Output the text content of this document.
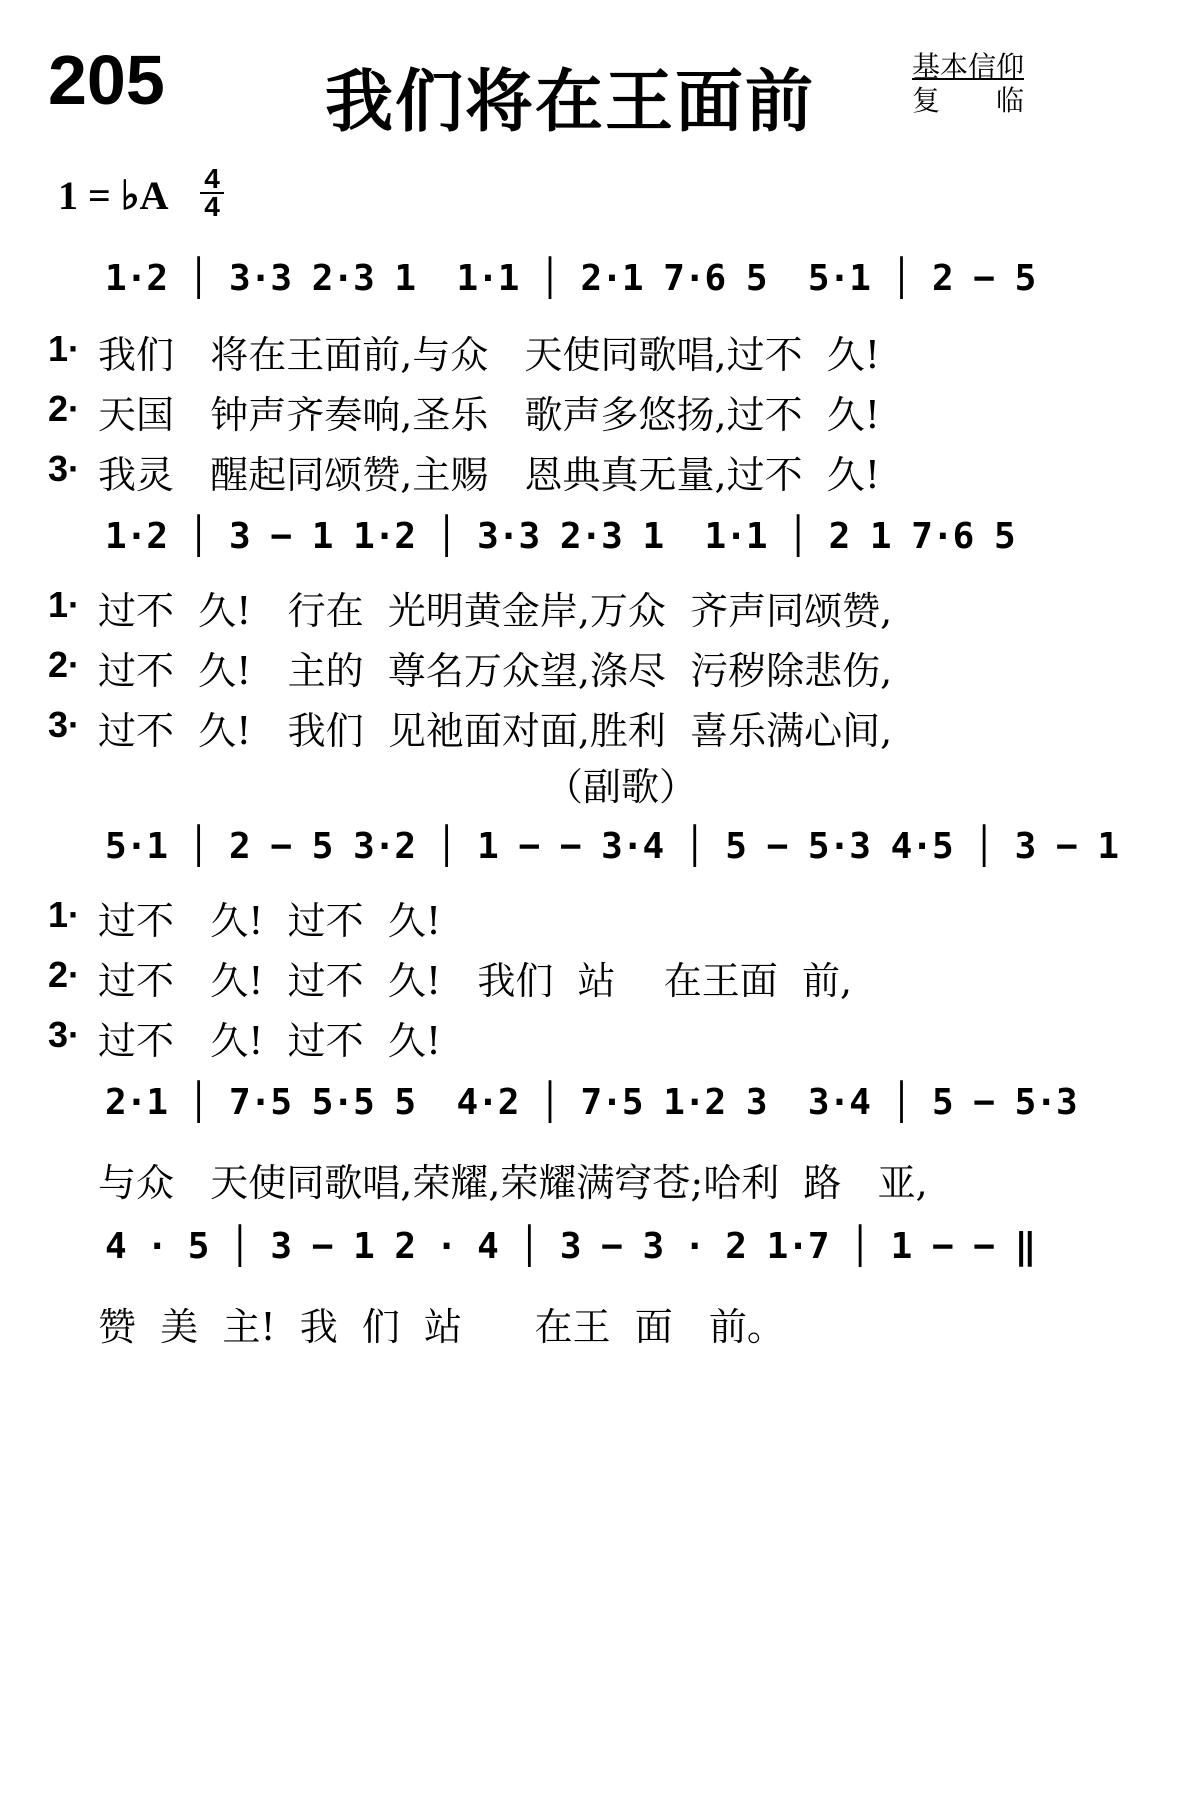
205 我们将在王面前	基本信仰
复　　临
1 = ♭A 4
4
1·2 │ 3·3 2·3 1  1·1 │ 2·1 7·6 5  5·1 │ 2 − 5
1· 我们   将在王面前,与众   天使同歌唱,过不  久!
2· 天国   钟声齐奏响,圣乐   歌声多悠扬,过不  久!
3· 我灵   醒起同颂赞,主赐   恩典真无量,过不  久!
1·2 │ 3 − 1 1·2 │ 3·3 2·3 1  1·1 │ 2 1 7·6 5
1· 过不  久!   行在  光明黄金岸,万众  齐声同颂赞,
2· 过不  久!   主的  尊名万众望,涤尽  污秽除悲伤,
3· 过不  久!   我们  见祂面对面,胜利  喜乐满心间,
（副歌）
5·1 │ 2 − 5 3·2 │ 1 − − 3·4 │ 5 − 5·3 4·5 │ 3 − 1
1· 过不   久!  过不  久!
2· 过不   久!  过不  久!   我们  站    在王面  前,
3· 过不   久!  过不  久!
2·1 │ 7·5 5·5 5  4·2 │ 7·5 1·2 3  3·4 │ 5 − 5·3
与众   天使同歌唱,荣耀,荣耀满穹苍;哈利  路   亚,
4 · 5 │ 3 − 1 2 · 4 │ 3 − 3 · 2 1·7 │ 1 − − ‖
赞  美  主!  我  们  站      在王  面   前。
